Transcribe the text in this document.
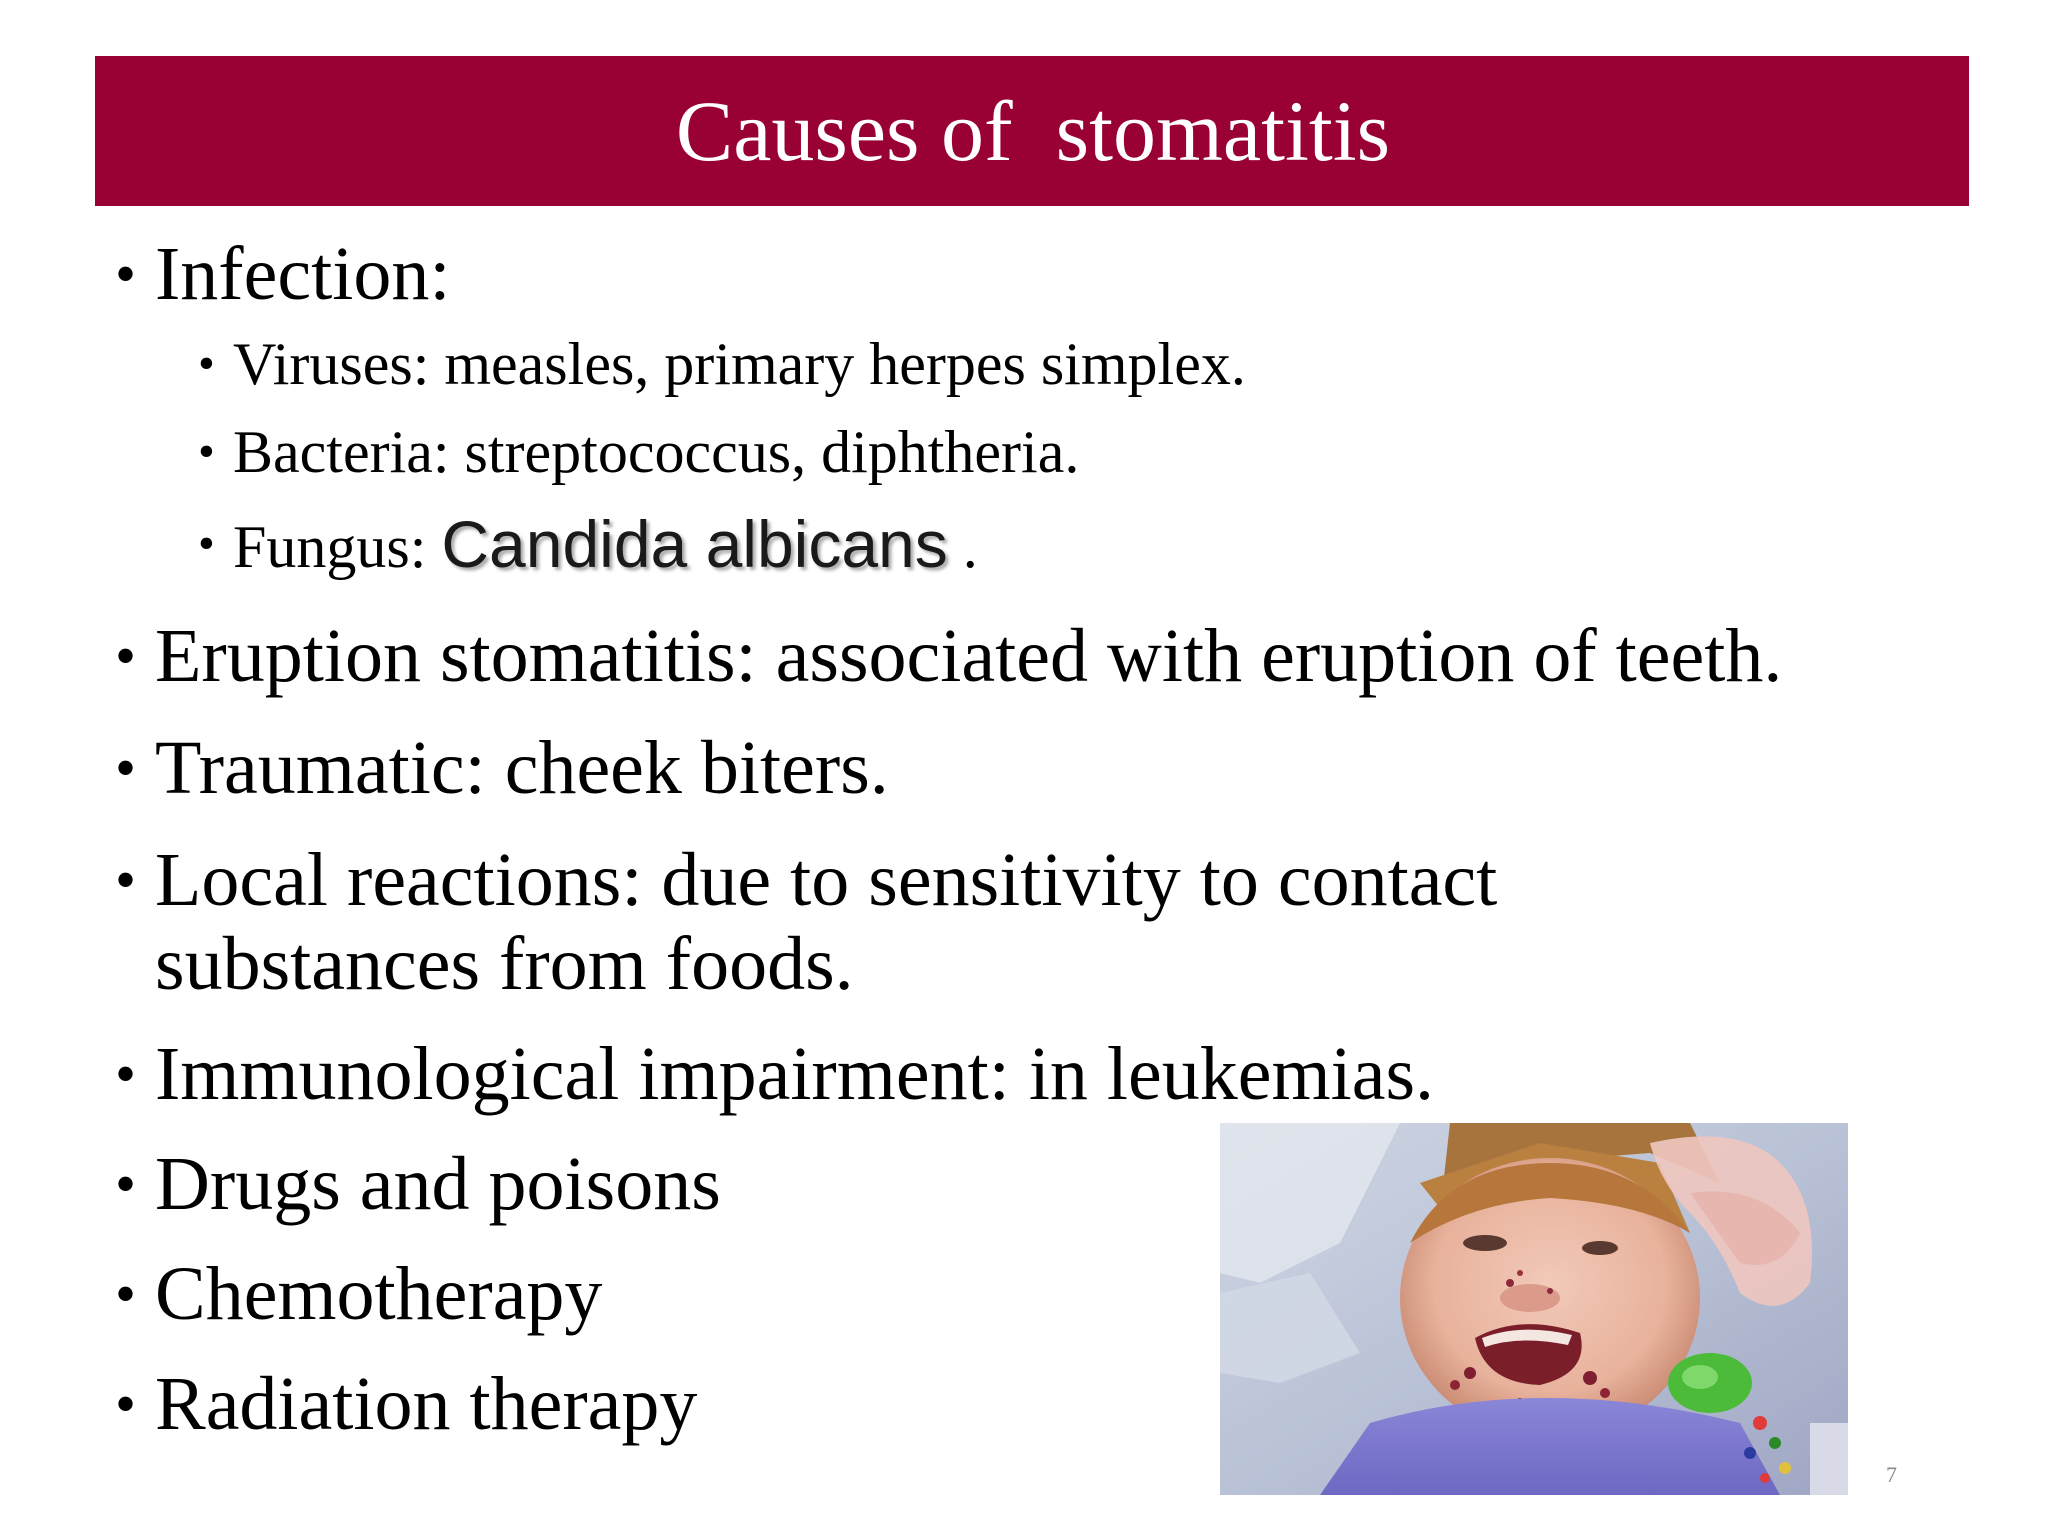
Causes of  stomatitis
• Infection:
• Viruses: measles, primary herpes simplex.
• Bacteria: streptococcus, diphtheria.
• Fungus: Candida albicans .
• Eruption stomatitis: associated with eruption of teeth.
• Traumatic: cheek biters.
• Local reactions: due to sensitivity to contact
substances from foods.
• Immunological impairment: in leukemias.
• Drugs and poisons
• Chemotherapy
• Radiation therapy
7
